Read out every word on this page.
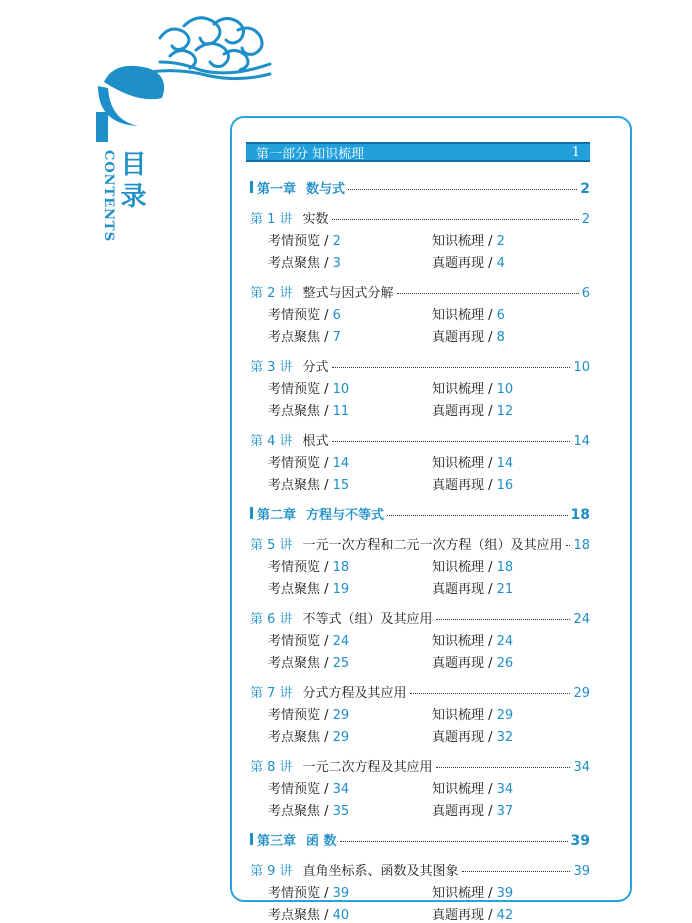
CONTENTS 目录	第一部分 知识梳理	1
第一章 数与式	2
第 1 讲 实数	2
考情预览 / 2	知识梳理 / 2
考点聚焦 / 3	真题再现 / 4
第 2 讲 整式与因式分解	6
考情预览 / 6	知识梳理 / 6
考点聚焦 / 7	真题再现 / 8
第 3 讲 分式	10
考情预览 / 10	知识梳理 / 10
考点聚焦 / 11	真题再现 / 12
第 4 讲 根式	14
考情预览 / 14	知识梳理 / 14
考点聚焦 / 15	真题再现 / 16
第二章 方程与不等式	18
第 5 讲 一元一次方程和二元一次方程（组）及其应用 18
考情预览 / 18	知识梳理 / 18
考点聚焦 / 19	真题再现 / 21
第 6 讲 不等式（组）及其应用	24
考情预览 / 24	知识梳理 / 24
考点聚焦 / 25	真题再现 / 26
第 7 讲 分式方程及其应用	29
考情预览 / 29	知识梳理 / 29
考点聚焦 / 29	真题再现 / 32
第 8 讲 一元二次方程及其应用	34
考情预览 / 34	知识梳理 / 34
考点聚焦 / 35	真题再现 / 37
第三章 函 数	39
第 9 讲 直角坐标系、函数及其图象	39
考情预览 / 39	知识梳理 / 39
考点聚焦 / 40	真题再现 / 42
